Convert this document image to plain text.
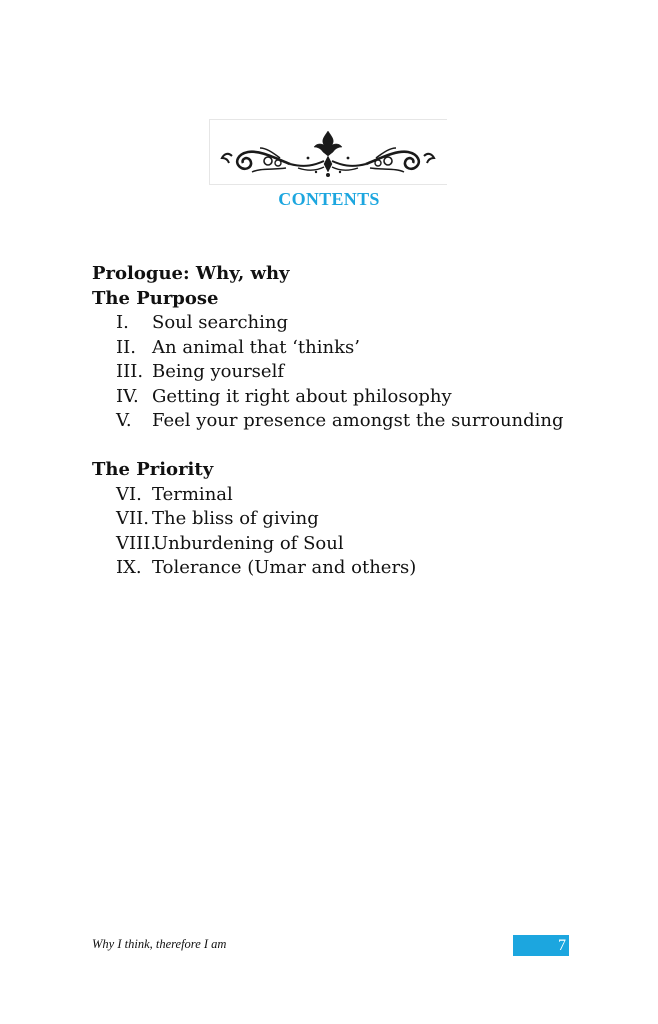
CONTENTS
Prologue: Why, why
The Purpose
I. Soul searching
II. An animal that ‘thinks’
III. Being yourself
IV. Getting it right about philosophy
V. Feel your presence amongst the surrounding
The Priority
VI. Terminal
VII. The bliss of giving
VIII.
Unburdening of Soul
IX. Tolerance (Umar and others)
Why I think, therefore I am	7
